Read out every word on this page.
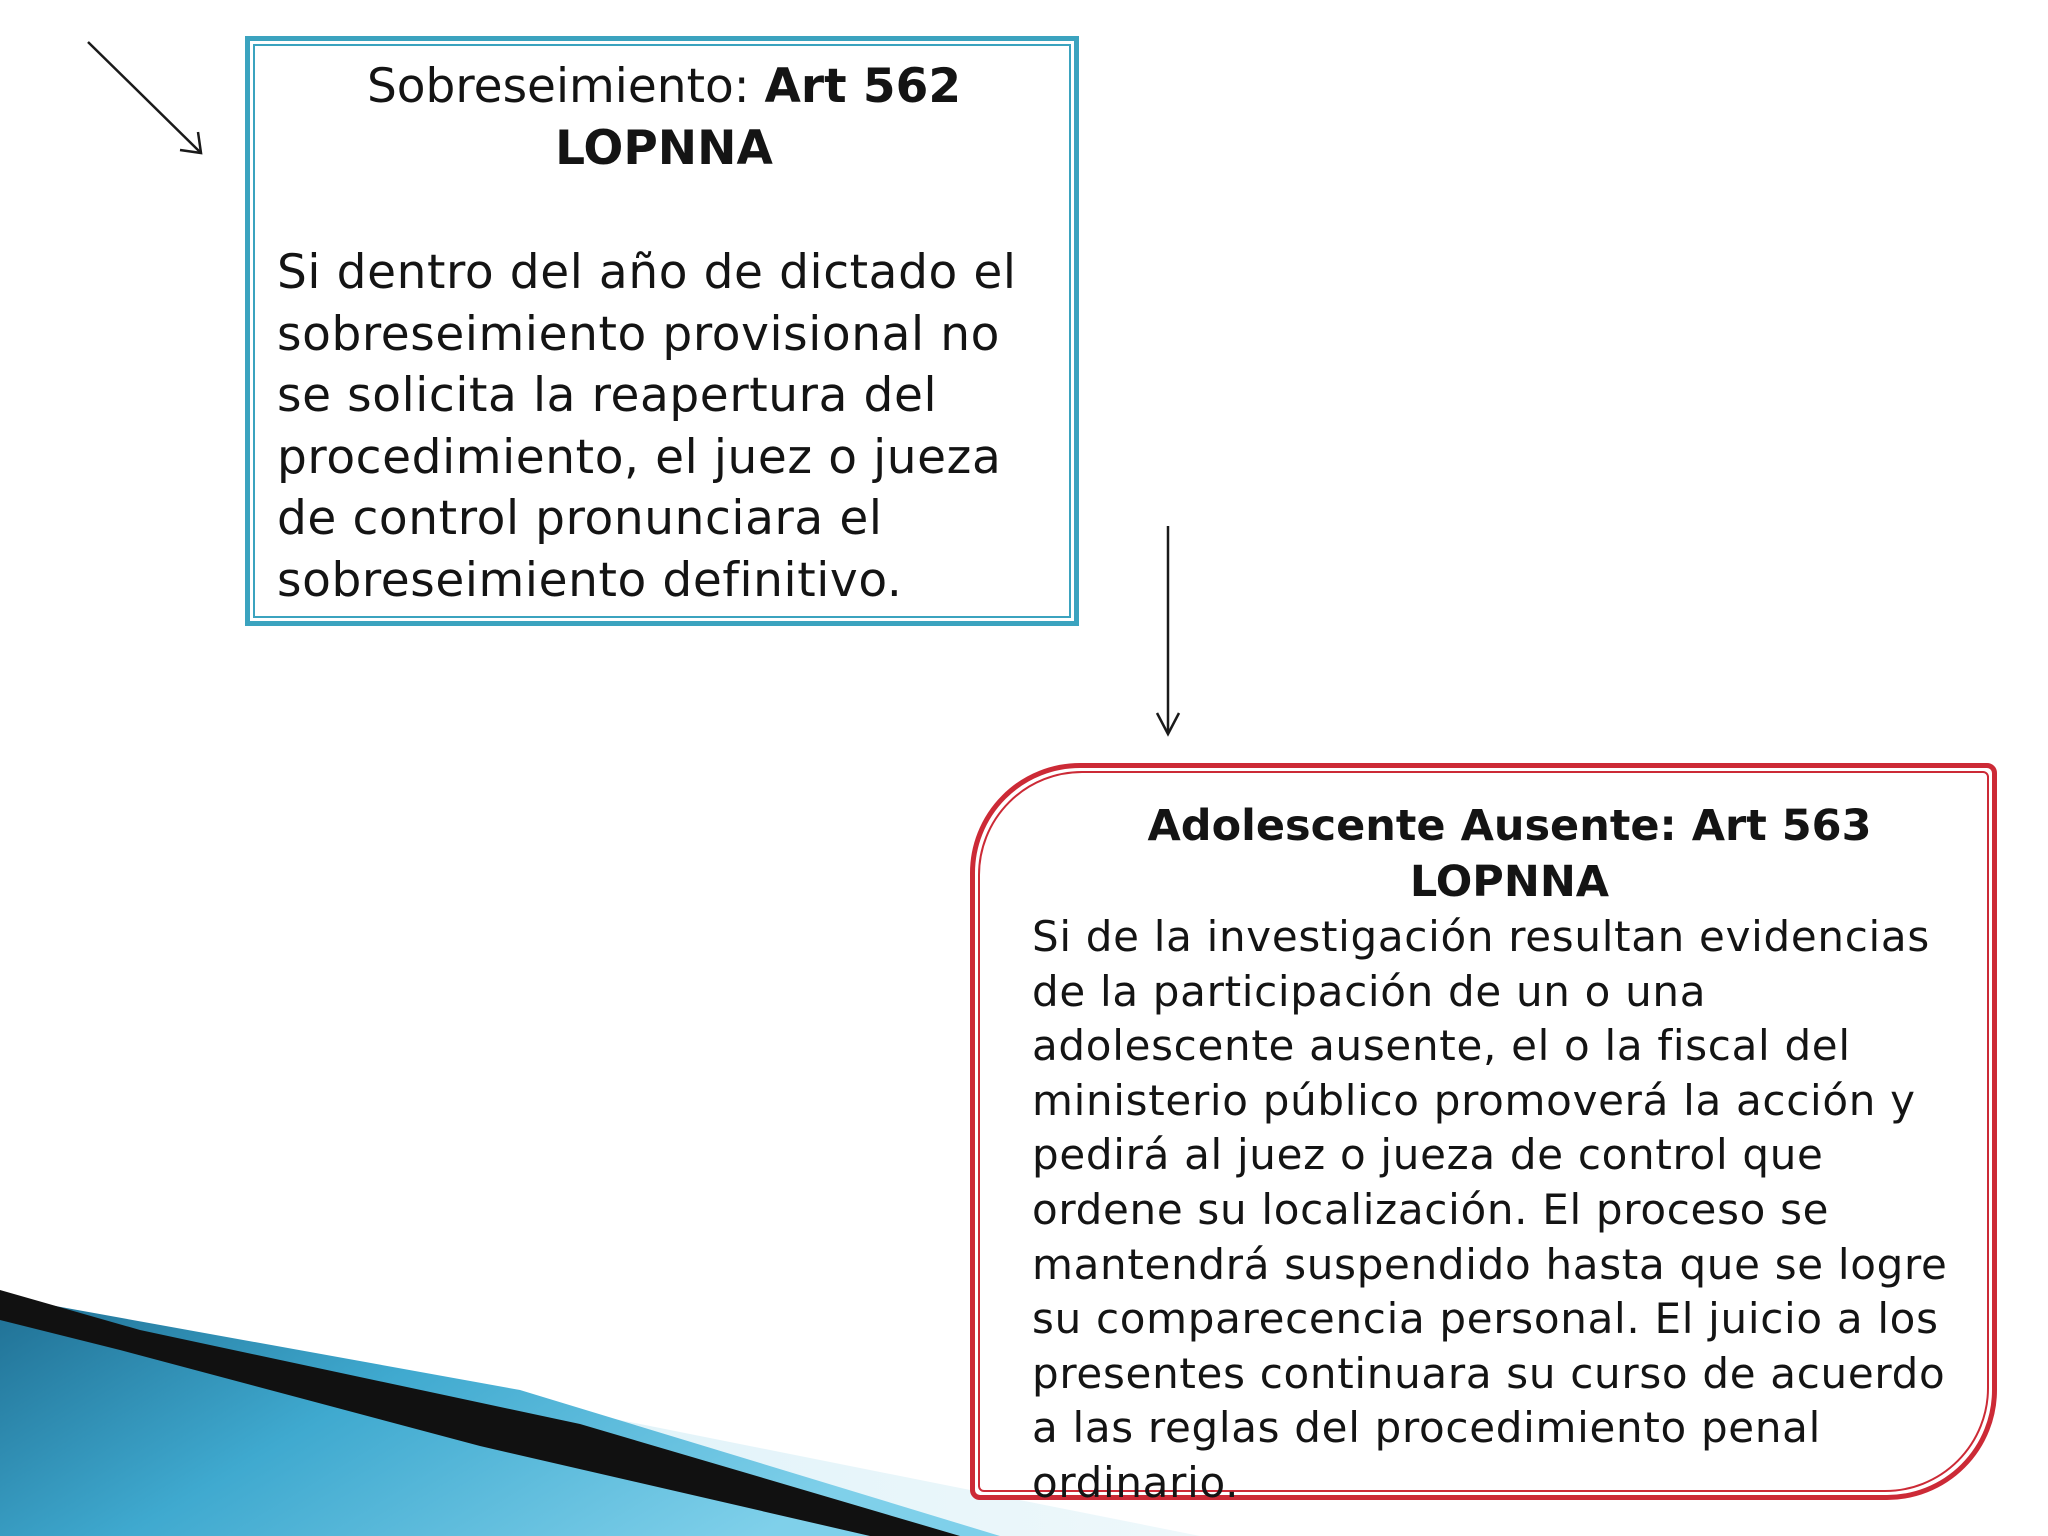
Sobreseimiento: Art 562 LOPNNA

Si dentro del año de dictado el sobreseimiento provisional no se solicita la reapertura del procedimiento, el juez o jueza de control pronunciara el sobreseimiento definitivo.

Adolescente Ausente: Art 563 LOPNNA

Si de la investigación resultan evidencias de la participación de un o una adolescente ausente, el o la fiscal del ministerio público promoverá la acción y pedirá al juez o jueza de control que ordene su localización. El proceso se mantendrá suspendido hasta que se logre su comparecencia personal. El juicio a los presentes continuara su curso de acuerdo a las reglas del procedimiento penal ordinario.
